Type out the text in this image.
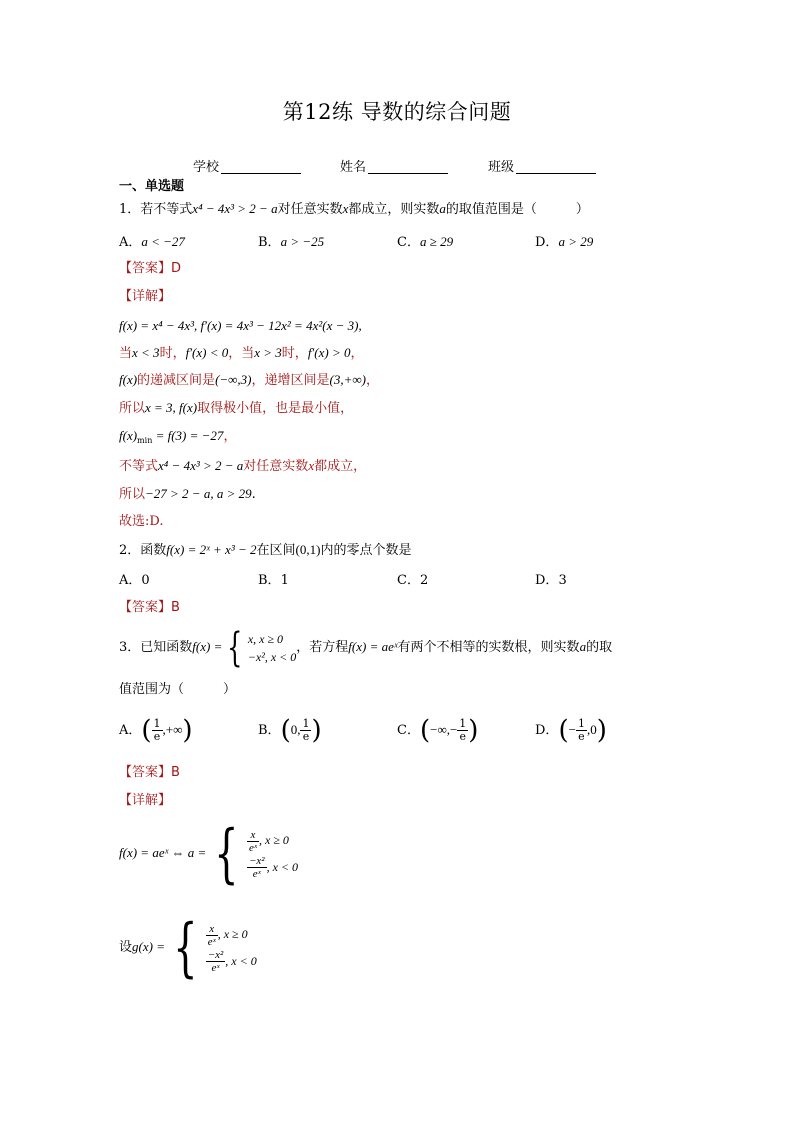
第12练 导数的综合问题
学校	姓名	班级
一、单选题
1．若不等式x⁴ − 4x³ > 2 − a对任意实数x都成立，则实数a的取值范围是（　　　）
A．a < −27	B．a > −25	C．a ≥ 29	D．a > 29
【答案】D
【详解】
f(x) = x⁴ − 4x³, f′(x) = 4x³ − 12x² = 4x²(x − 3),
当x < 3时，f′(x) < 0，当x > 3时，f′(x) > 0，
f(x)的递减区间是(−∞,3)，递增区间是(3,+∞)，
所以x = 3, f(x)取得极小值，也是最小值，
$f(x)_{min} = f(3) = -27$，
不等式x⁴ − 4x³ > 2 − a对任意实数x都成立，
所以−27 > 2 − a, a > 29.
故选:D.
2．函数f(x) = 2ˣ + x³ − 2在区间(0,1)内的零点个数是
A．0	B．1	C．2	D．3
【答案】B
3．已知函数f(x) = { x, x ≥ 0
−x², x < 0
，若方程f(x) = aeˣ有两个不相等的实数根，则实数a的取
值范围为（　　　）
A．( $\frac{1}{e}$ ,+∞)	B．(0, $\frac{1}{e}$ )	C．(−∞,− $\frac{1}{e}$ )	D．(− $\frac{1}{e} ,0$)
【答案】B
【详解】
f(x) = aeˣ ⇔ a = { $\frac{x}{\text{eˣ}}$ , x ≥ 0
$\frac{\text{−x²}}{\text{eˣ}}$ , x < 0
设g(x) = { $\frac{x}{\text{eˣ}}$ , x ≥ 0
$\frac{\text{−x²}}{\text{eˣ}}$ , x < 0
